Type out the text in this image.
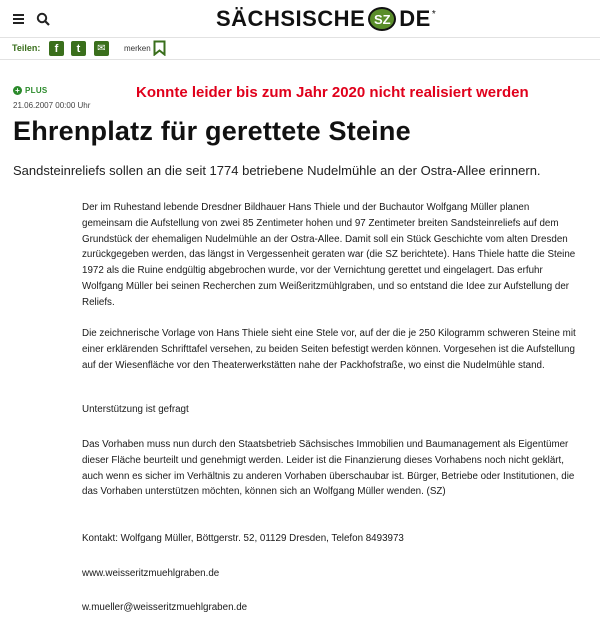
SÄCHSISCHE SZ DE *
Teilen:	f	t	✉	merken
+ PLUS
21.06.2007 00:00 Uhr
Konnte leider bis zum Jahr 2020 nicht realisiert werden
Ehrenplatz für gerettete Steine

Sandsteinreliefs sollen an die seit 1774 betriebene Nudelmühle an der Ostra-Allee erinnern.

Der im Ruhestand lebende Dresdner Bildhauer Hans Thiele und der Buchautor Wolfgang Müller planen gemeinsam die Aufstellung von zwei 85 Zentimeter hohen und 97 Zentimeter breiten Sandsteinreliefs auf dem Grundstück der ehemaligen Nudelmühle an der Ostra-Allee. Damit soll ein Stück Geschichte vom alten Dresden zurückgegeben werden, das längst in Vergessenheit geraten war (die SZ berichtete). Hans Thiele hatte die Steine 1972 als die Ruine endgültig abgebrochen wurde, vor der Vernichtung gerettet und eingelagert. Das erfuhr Wolfgang Müller bei seinen Recherchen zum Weißeritzmühlgraben, und so entstand die Idee zur Aufstellung der Reliefs.

Die zeichnerische Vorlage von Hans Thiele sieht eine Stele vor, auf der die je 250 Kilogramm schweren Steine mit einer erklärenden Schrifttafel versehen, zu beiden Seiten befestigt werden können. Vorgesehen ist die Aufstellung auf der Wiesenfläche vor den Theaterwerkstätten nahe der Packhofstraße, wo einst die Nudelmühle stand.

Unterstützung ist gefragt

Das Vorhaben muss nun durch den Staatsbetrieb Sächsisches Immobilien und Baumanagement als Eigentümer dieser Fläche beurteilt und genehmigt werden. Leider ist die Finanzierung dieses Vorhabens noch nicht geklärt, auch wenn es sicher im Verhältnis zu anderen Vorhaben überschaubar ist. Bürger, Betriebe oder Institutionen, die das Vorhaben unterstützen möchten, können sich an Wolfgang Müller wenden. (SZ)

Kontakt: Wolfgang Müller, Böttgerstr. 52, 01129 Dresden, Telefon 8493973

www.weisseritzmuehlgraben.de

w.mueller@weisseritzmuehlgraben.de
